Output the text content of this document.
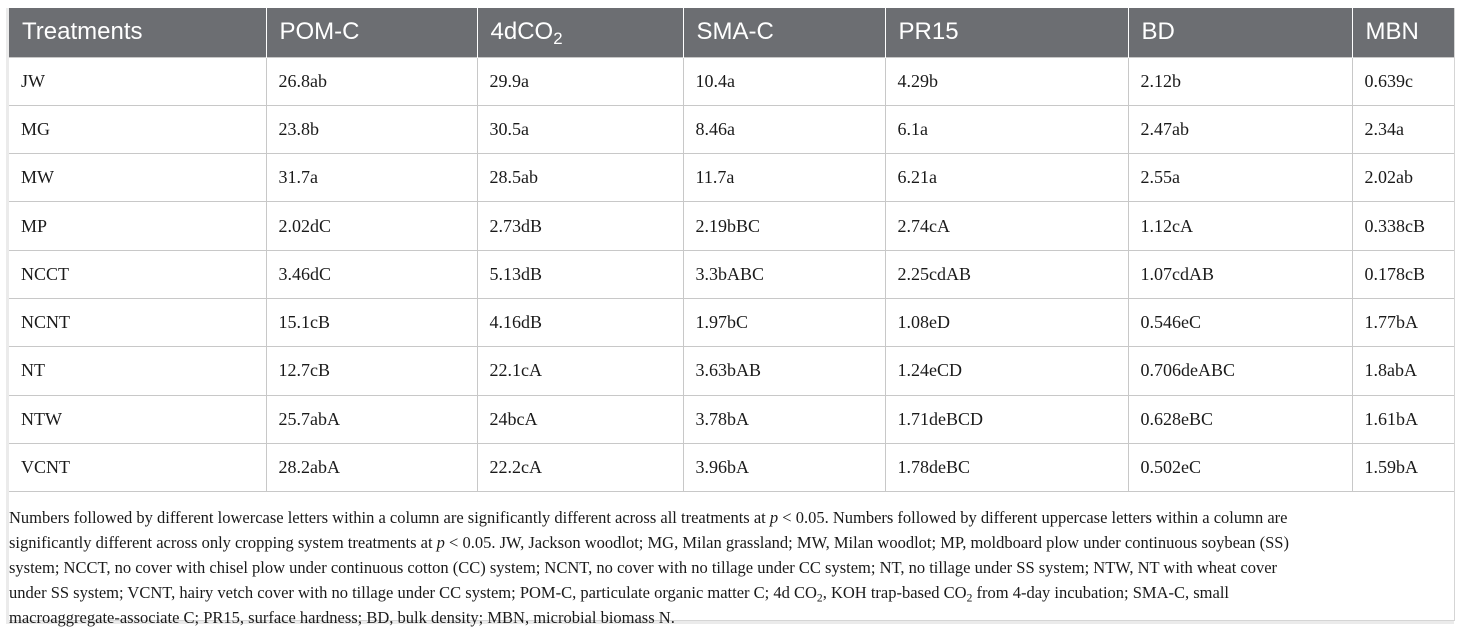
Treatments	POM-C	4dCO$_2$	SMA-C	PR15	BD	MBN
JW	26.8ab	29.9a	10.4a	4.29b	2.12b	0.639c
MG	23.8b	30.5a	8.46a	6.1a	2.47ab	2.34a
MW	31.7a	28.5ab	11.7a	6.21a	2.55a	2.02ab
MP	2.02dC	2.73dB	2.19bBC	2.74cA	1.12cA	0.338cB
NCCT	3.46dC	5.13dB	3.3bABC	2.25cdAB	1.07cdAB	0.178cB
NCNT	15.1cB	4.16dB	1.97bC	1.08eD	0.546eC	1.77bA
NT	12.7cB	22.1cA	3.63bAB	1.24eCD	0.706deABC	1.8abA
NTW	25.7abA	24bcA	3.78bA	1.71deBCD	0.628eBC	1.61bA
VCNT	28.2abA	22.2cA	3.96bA	1.78deBC	0.502eC	1.59bA
Numbers followed by different lowercase letters within a column are significantly different across all treatments at p < 0.05. Numbers followed by different uppercase letters within a column are
significantly different across only cropping system treatments at p < 0.05. JW, Jackson woodlot; MG, Milan grassland; MW, Milan woodlot; MP, moldboard plow under continuous soybean (SS)
system; NCCT, no cover with chisel plow under continuous cotton (CC) system; NCNT, no cover with no tillage under CC system; NT, no tillage under SS system; NTW, NT with wheat cover
under SS system; VCNT, hairy vetch cover with no tillage under CC system; POM-C, particulate organic matter C; 4d $CO_2$, KOH trap-based $CO_2$ from 4-day incubation; SMA-C, small
macroaggregate-associate C; PR15, surface hardness; BD, bulk density; MBN, microbial biomass N.
